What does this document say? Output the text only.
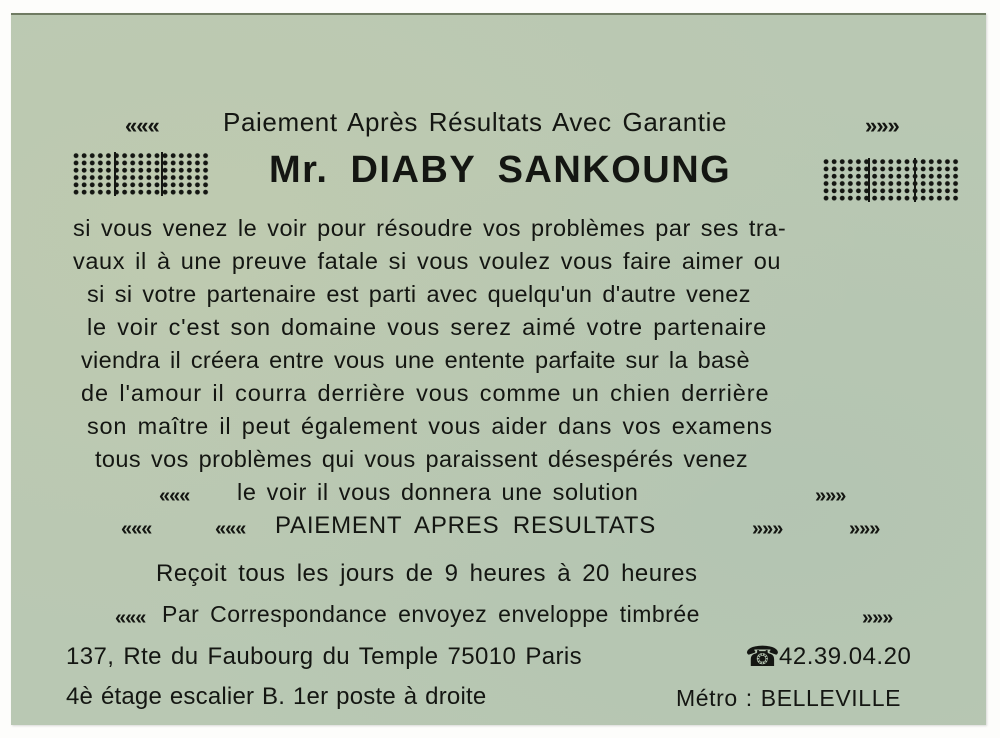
««« Paiement Après Résultats Avec Garantie	»»»
Mr. DIABY SANKOUNG
si vous venez le voir pour résoudre vos problèmes par ses tra-
vaux il à une preuve fatale si vous voulez vous faire aimer ou
si si votre partenaire est parti avec quelqu'un d'autre venez
le voir c'est son domaine vous serez aimé votre partenaire
viendra il créera entre vous une entente parfaite sur la basè
de l'amour il courra derrière vous comme un chien derrière
son maître il peut également vous aider dans vos examens
tous vos problèmes qui vous paraissent désespérés venez
««« le voir il vous donnera une solution	»»»
«««	««« PAIEMENT APRES RESULTATS	»»»	»»»
Reçoit tous les jours de 9 heures à 20 heures
««« Par Correspondance envoyez enveloppe timbrée	»»»
137, Rte du Faubourg du Temple 75010 Paris	☎
42.39.04.20
4è étage escalier B. 1er poste à droite	Métro : BELLEVILLE
